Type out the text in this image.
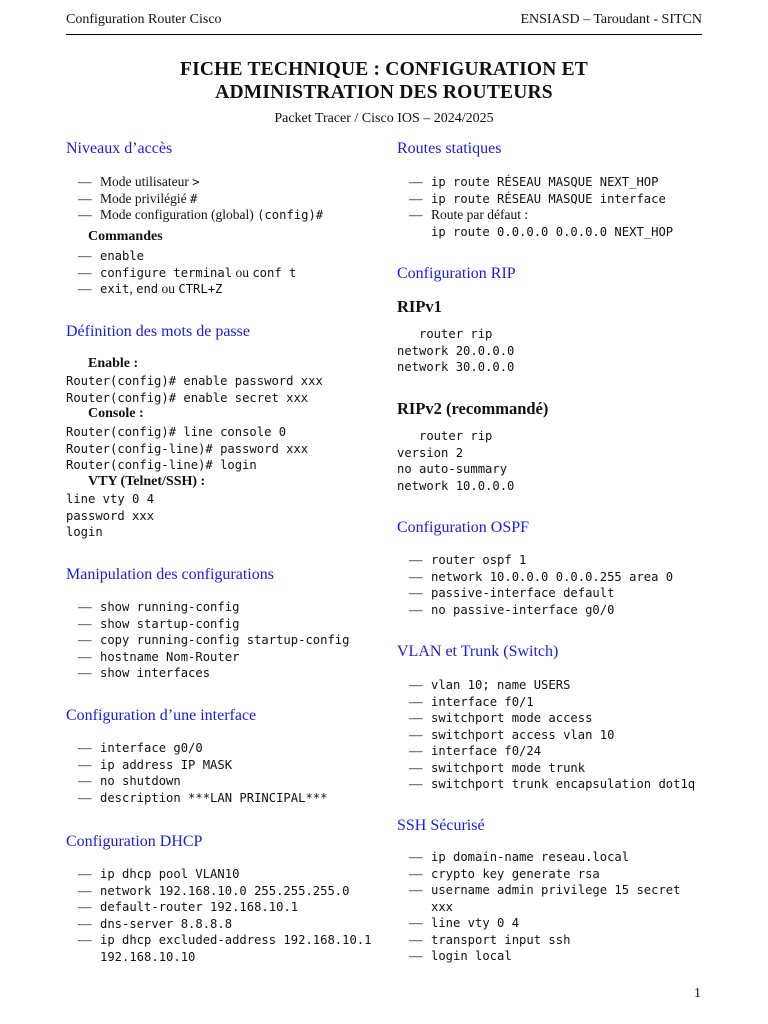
Configuration Router Cisco	ENSIASD – Taroudant - SITCN
FICHE TECHNIQUE : CONFIGURATION ET
ADMINISTRATION DES ROUTEURS
Packet Tracer / Cisco IOS – 2024/2025
Niveaux d’accès
— Mode utilisateur >
— Mode privilégié #
— Mode configuration (global) (config)#
Commandes
— enable
— configure terminal ou conf t
— exit, end ou CTRL+Z
Définition des mots de passe
Enable :
Router(config)# enable password xxx
Router(config)# enable secret xxx
Console :
Router(config)# line console 0
Router(config-line)# password xxx
Router(config-line)# login
VTY (Telnet/SSH) :
line vty 0 4
password xxx
login
Manipulation des configurations
— show running-config
— show startup-config
— copy running-config startup-config
— hostname Nom-Router
— show interfaces
Configuration d’une interface
— interface g0/0
— ip address IP MASK
— no shutdown
— description ***LAN PRINCIPAL***
Configuration DHCP
— ip dhcp pool VLAN10
— network 192.168.10.0 255.255.255.0
— default-router 192.168.10.1
— dns-server 8.8.8.8
— ip dhcp excluded-address 192.168.10.1
192.168.10.10
Routes statiques
— ip route RÉSEAU MASQUE NEXT_HOP
— ip route RÉSEAU MASQUE interface
— Route par défaut :
ip route 0.0.0.0 0.0.0.0 NEXT_HOP
Configuration RIP
RIPv1
router rip
network 20.0.0.0
network 30.0.0.0
RIPv2 (recommandé)
router rip
version 2
no auto-summary
network 10.0.0.0
Configuration OSPF
— router ospf 1
— network 10.0.0.0 0.0.0.255 area 0
— passive-interface default
— no passive-interface g0/0
VLAN et Trunk (Switch)
— vlan 10; name USERS
— interface f0/1
— switchport mode access
— switchport access vlan 10
— interface f0/24
— switchport mode trunk
— switchport trunk encapsulation dot1q
SSH Sécurisé
— ip domain-name reseau.local
— crypto key generate rsa
— username admin privilege 15 secret
xxx
— line vty 0 4
— transport input ssh
— login local
1
